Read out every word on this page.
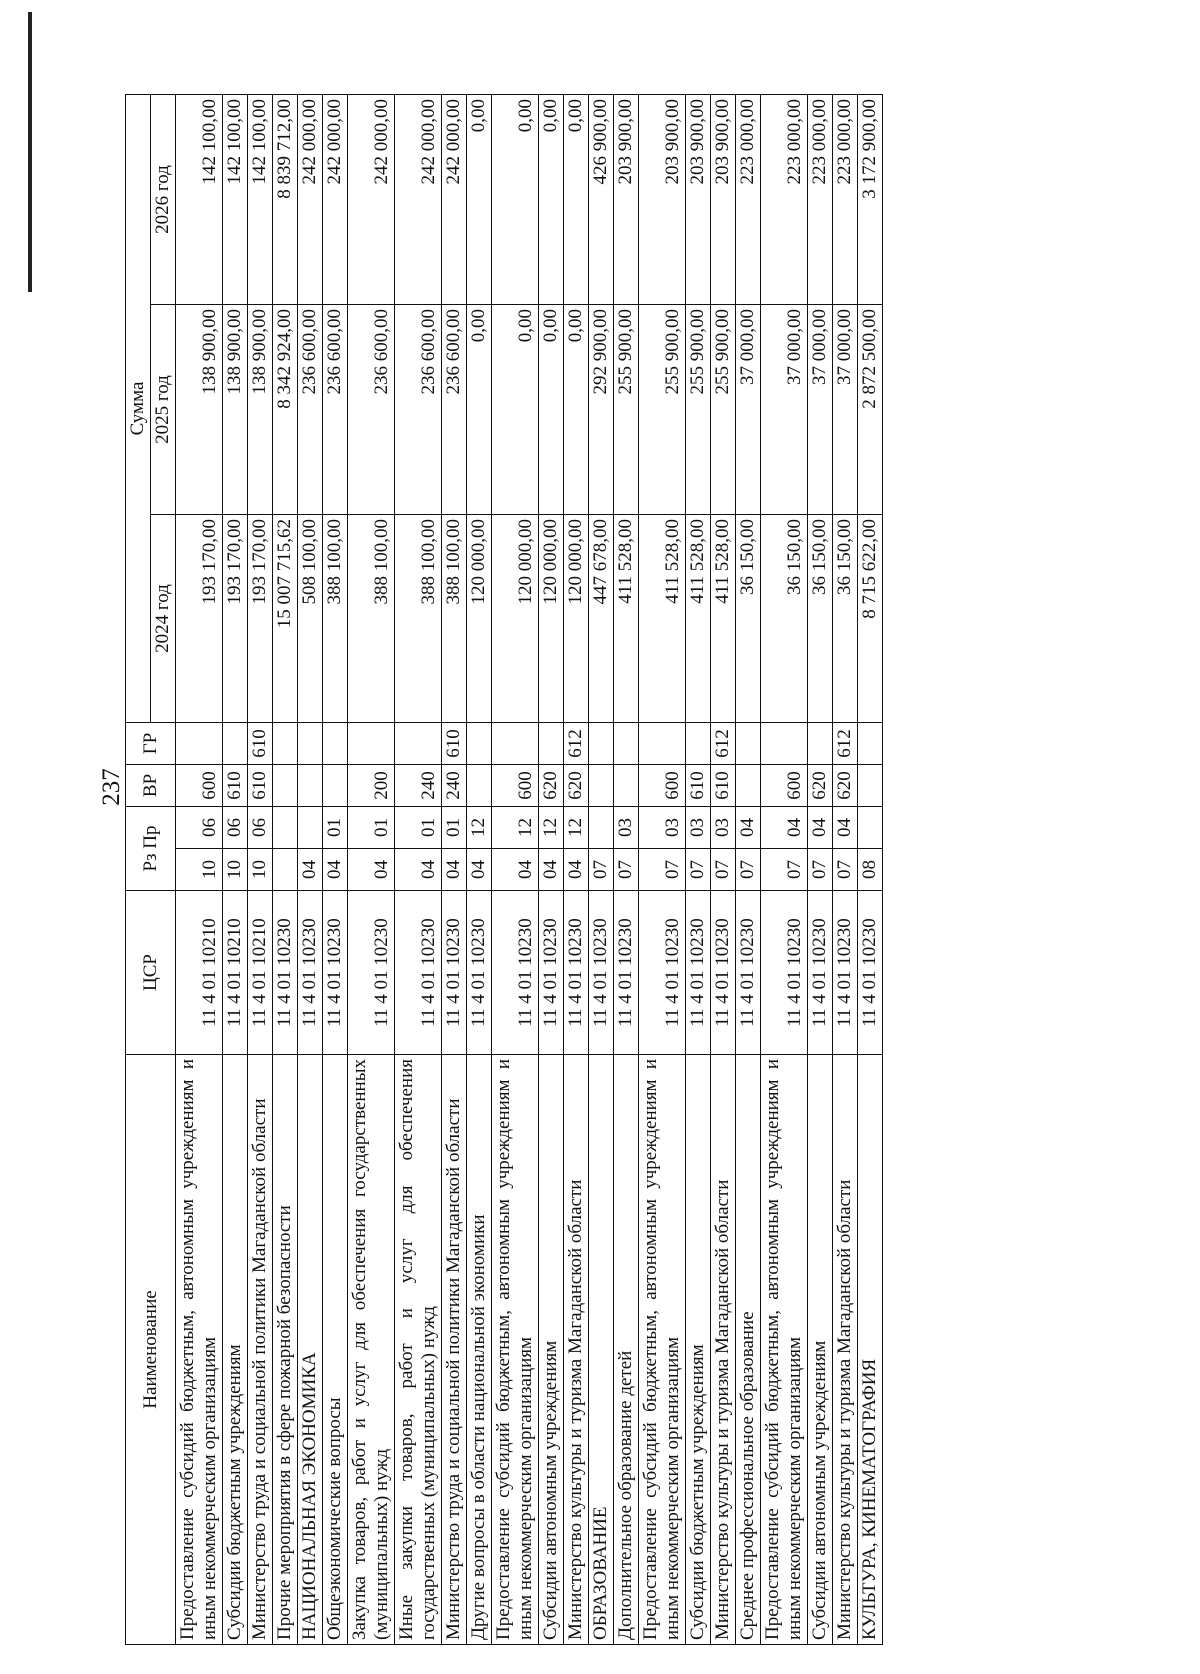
237
Наименование	ЦСР	Рз Пр		ВР	ГР	Сумма		
						2024 год	2025 год	2026 год
Предоставление субсидий бюджетным, автономным учреждениям и иным некоммерческим организациям	11 4 01 10210	10	06	600		193 170,00	138 900,00	142 100,00
Субсидии бюджетным учреждениям	11 4 01 10210	10	06	610		193 170,00	138 900,00	142 100,00
Министерство труда и социальной политики Магаданской области	11 4 01 10210	10	06	610	610	193 170,00	138 900,00	142 100,00
Прочие мероприятия в сфере пожарной безопасности	11 4 01 10230					15 007 715,62	8 342 924,00	8 839 712,00
НАЦИОНАЛЬНАЯ ЭКОНОМИКА	11 4 01 10230	04				508 100,00	236 600,00	242 000,00
Общеэкономические вопросы	11 4 01 10230	04	01			388 100,00	236 600,00	242 000,00
Закупка товаров, работ и услуг для обеспечения государственных (муниципальных) нужд	11 4 01 10230	04	01	200		388 100,00	236 600,00	242 000,00
Иные закупки товаров, работ и услуг для обеспечения государственных (муниципальных) нужд	11 4 01 10230	04	01	240		388 100,00	236 600,00	242 000,00
Министерство труда и социальной политики Магаданской области	11 4 01 10230	04	01	240	610	388 100,00	236 600,00	242 000,00
Другие вопросы в области национальной экономики	11 4 01 10230	04	12			120 000,00	0,00	0,00
Предоставление субсидий бюджетным, автономным учреждениям и иным некоммерческим организациям	11 4 01 10230	04	12	600		120 000,00	0,00	0,00
Субсидии автономным учреждениям	11 4 01 10230	04	12	620		120 000,00	0,00	0,00
Министерство культуры и туризма Магаданской области	11 4 01 10230	04	12	620	612	120 000,00	0,00	0,00
ОБРАЗОВАНИЕ	11 4 01 10230	07				447 678,00	292 900,00	426 900,00
Дополнительное образование детей	11 4 01 10230	07	03			411 528,00	255 900,00	203 900,00
Предоставление субсидий бюджетным, автономным учреждениям и иным некоммерческим организациям	11 4 01 10230	07	03	600		411 528,00	255 900,00	203 900,00
Субсидии бюджетным учреждениям	11 4 01 10230	07	03	610		411 528,00	255 900,00	203 900,00
Министерство культуры и туризма Магаданской области	11 4 01 10230	07	03	610	612	411 528,00	255 900,00	203 900,00
Среднее профессиональное образование	11 4 01 10230	07	04			36 150,00	37 000,00	223 000,00
Предоставление субсидий бюджетным, автономным учреждениям и иным некоммерческим организациям	11 4 01 10230	07	04	600		36 150,00	37 000,00	223 000,00
Субсидии автономным учреждениям	11 4 01 10230	07	04	620		36 150,00	37 000,00	223 000,00
Министерство культуры и туризма Магаданской области	11 4 01 10230	07	04	620	612	36 150,00	37 000,00	223 000,00
КУЛЬТУРА, КИНЕМАТОГРАФИЯ	11 4 01 10230	08				8 715 622,00	2 872 500,00	3 172 900,00
